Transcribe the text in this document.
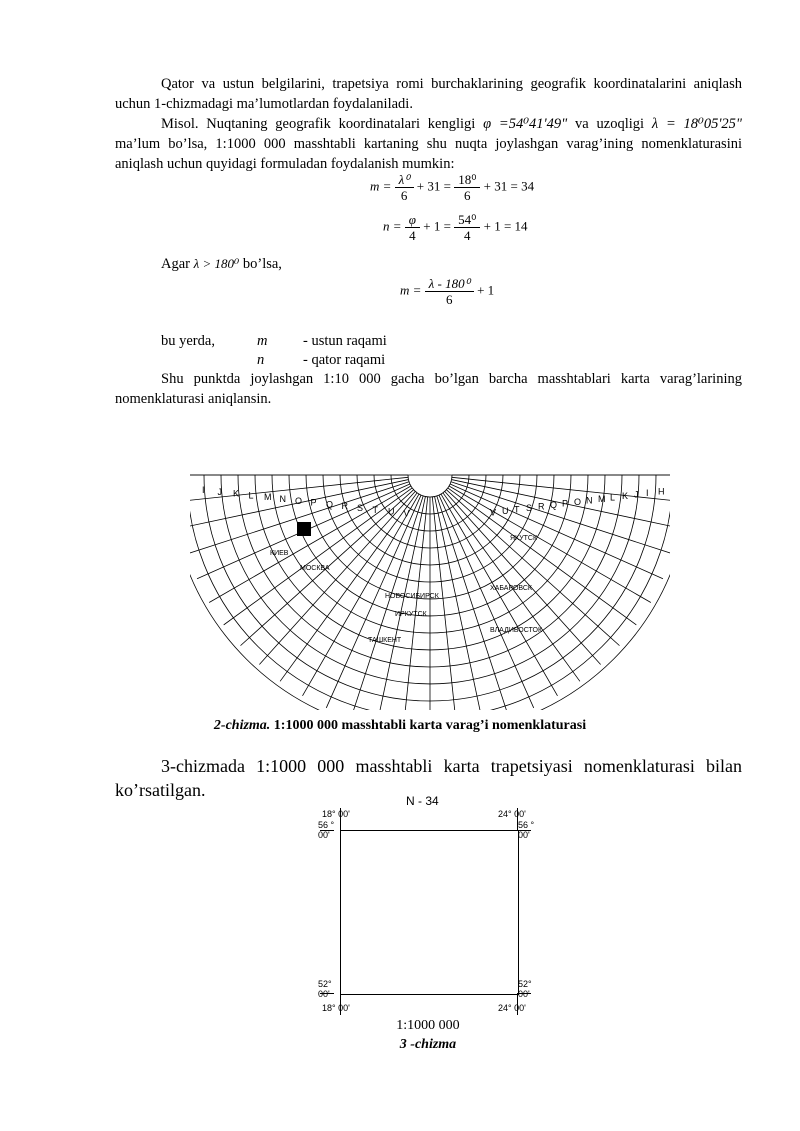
Qator va ustun belgilarini, trapetsiya romi burchaklarining geografik koordinatalarini aniqlash uchun 1-chizmadagi ma’lumotlardan foydalaniladi.
Misol. Nuqtaning geografik koordinatalari kengligi φ =54⁰41'49" va uzoqligi λ = 18⁰05'25" ma’lum bo’lsa, 1:1000 000 masshtabli kartaning shu nuqta joylashgan varag’ining nomenklaturasini aniqlash uchun quyidagi formuladan foydalanish mumkin:
$m = \frac{\text{λ⁰}}{6} + 31 = \frac{\text{18⁰}}{6} + 31 = 34$
$n = \frac{\varphi}{4} + 1 = \frac{\text{54⁰}}{4} + 1 = 14$
Agar λ > 180⁰ bo’lsa,
$m = \frac{\text{λ - 180⁰}}{6} + 1$
bu yerda,	m - ustun raqami
n	- qator raqami
Shu punktda joylashgan 1:10 000 gacha bo’lgan barcha masshtablari karta varag’larining nomenklaturasi aniqlansin.
I J K L M N O P Q R S T U V	V U T S R Q P O N M L K J I H
МОСКВА
НОВОСИБИРСК
ИРКУТСК
ТАШКЕНТ
ХАБАРОВСК
ВЛАДИВОСТОК
КИЕВ
ЯКУТСК
2-chizma. 1:1000 000 masshtabli karta varag’i nomenklaturasi
3-chizmada 1:1000 000 masshtabli karta trapetsiyasi nomenklaturasi bilan ko’rsatilgan.
N - 34
18° 00'
56 ° 00'
24° 00'
56 ° 00'
52° 00'
18° 00'
52° 00'
24° 00'
1:1000 000
3 -chizma
